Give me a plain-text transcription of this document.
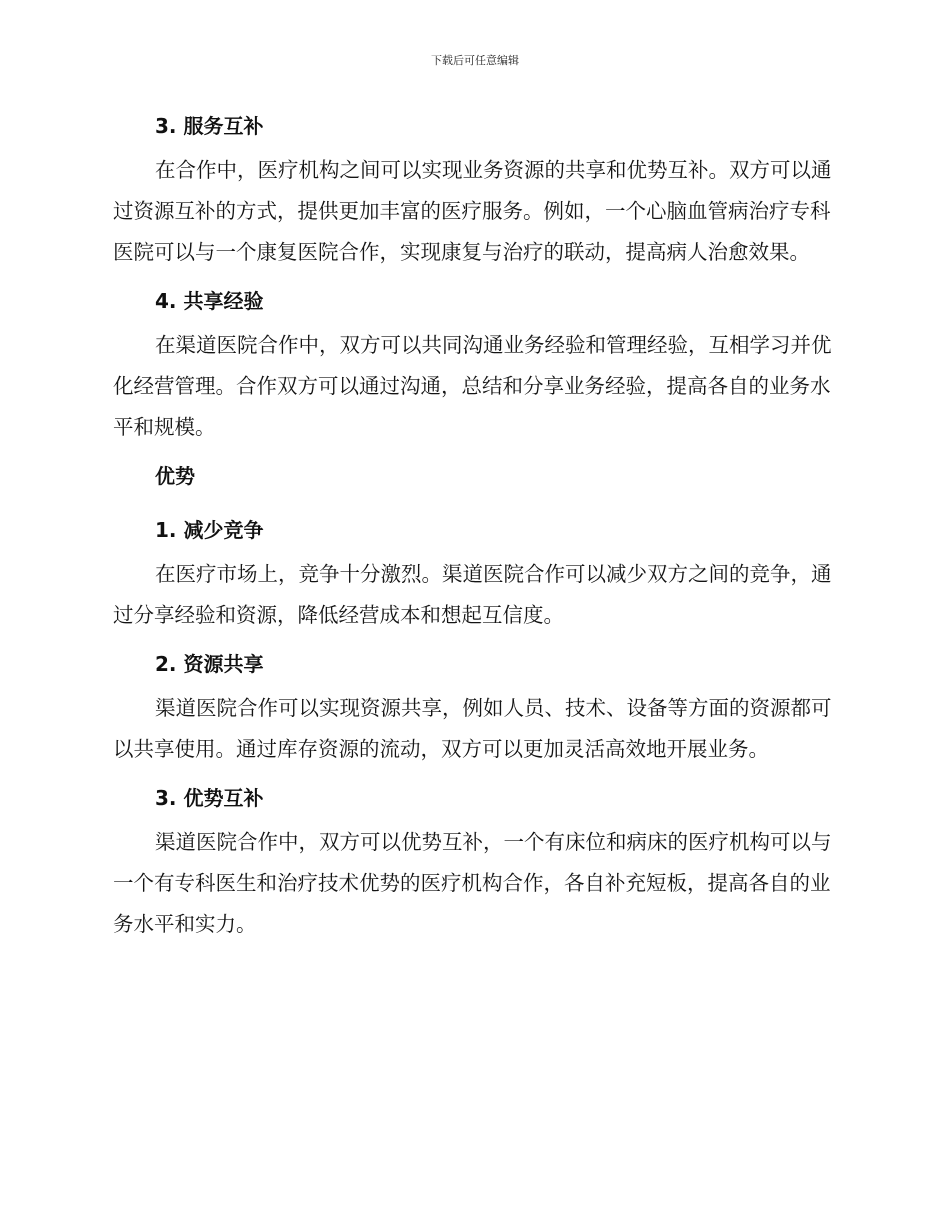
下载后可任意编辑
3. 服务互补

在合作中，医疗机构之间可以实现业务资源的共享和优势互补。双方可以通过资源互补的方式，提供更加丰富的医疗服务。例如，一个心脑血管病治疗专科医院可以与一个康复医院合作，实现康复与治疗的联动，提高病人治愈效果。

4. 共享经验

在渠道医院合作中，双方可以共同沟通业务经验和管理经验，互相学习并优化经营管理。合作双方可以通过沟通，总结和分享业务经验，提高各自的业务水平和规模。

优势
1. 减少竞争

在医疗市场上，竞争十分激烈。渠道医院合作可以减少双方之间的竞争，通过分享经验和资源，降低经营成本和想起互信度。

2. 资源共享

渠道医院合作可以实现资源共享，例如人员、技术、设备等方面的资源都可以共享使用。通过库存资源的流动，双方可以更加灵活高效地开展业务。

3. 优势互补

渠道医院合作中，双方可以优势互补，一个有床位和病床的医疗机构可以与一个有专科医生和治疗技术优势的医疗机构合作，各自补充短板，提高各自的业务水平和实力。
